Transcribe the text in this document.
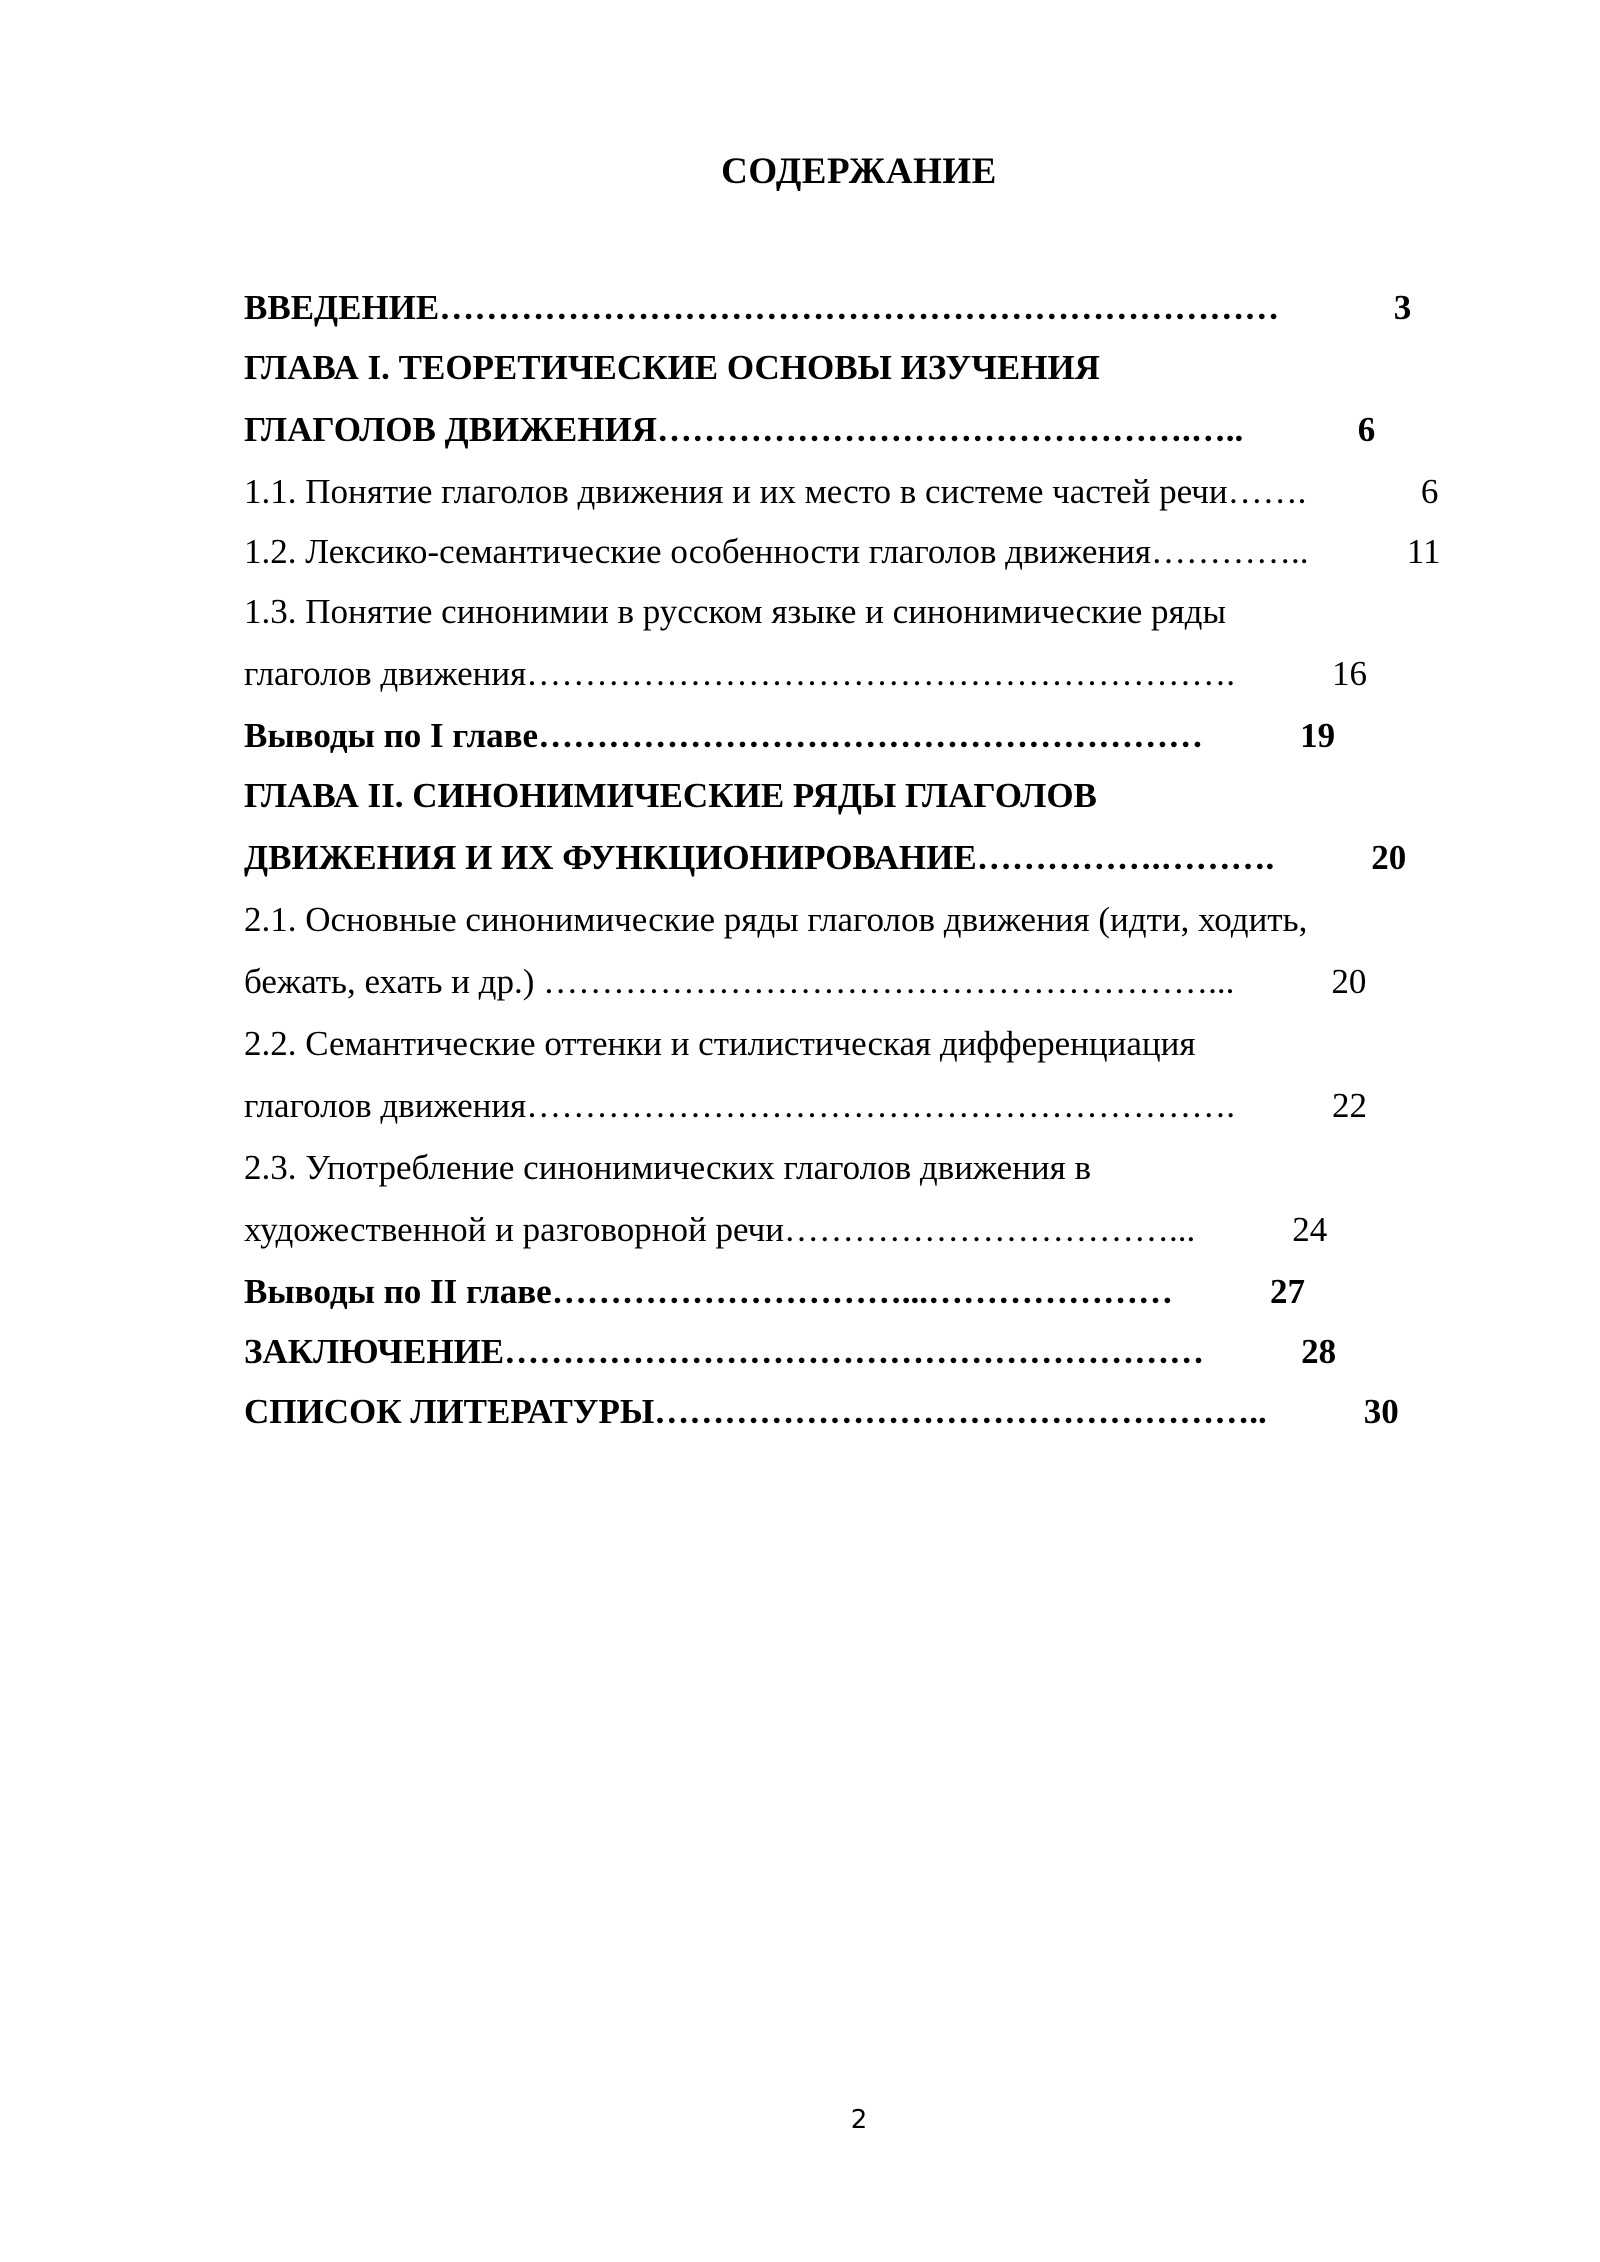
СОДЕРЖАНИЕ
ВВЕДЕНИЕ………………………………………………………………	3
ГЛАВА I. ТЕОРЕТИЧЕСКИЕ ОСНОВЫ ИЗУЧЕНИЯ
ГЛАГОЛОВ ДВИЖЕНИЯ……………………………………….…..	6
1.1. Понятие глаголов движения и их место в системе частей речи…….	6
1.2. Лексико-семантические особенности глаголов движения…………..	11
1.3. Понятие синонимии в русском языке и синонимические ряды
глаголов движения…………………………………………………….	16
Выводы по I главе…………………………………………………	19
ГЛАВА II. СИНОНИМИЧЕСКИЕ РЯДЫ ГЛАГОЛОВ
ДВИЖЕНИЯ И ИХ ФУНКЦИОНИРОВАНИЕ…………….……….	20
2.1. Основные синонимические ряды глаголов движения (идти, ходить,
бежать, ехать и др.) …………………………………………………...	20
2.2. Семантические оттенки и стилистическая дифференциация
глаголов движения…………………………………………………….	22
2.3. Употребление синонимических глаголов движения в
художественной и разговорной речи……………………………...	24
Выводы по II главе…………………………...…………………	27
ЗАКЛЮЧЕНИЕ……………………………………………………	28
СПИСОК ЛИТЕРАТУРЫ……………………………………………..	30
2
